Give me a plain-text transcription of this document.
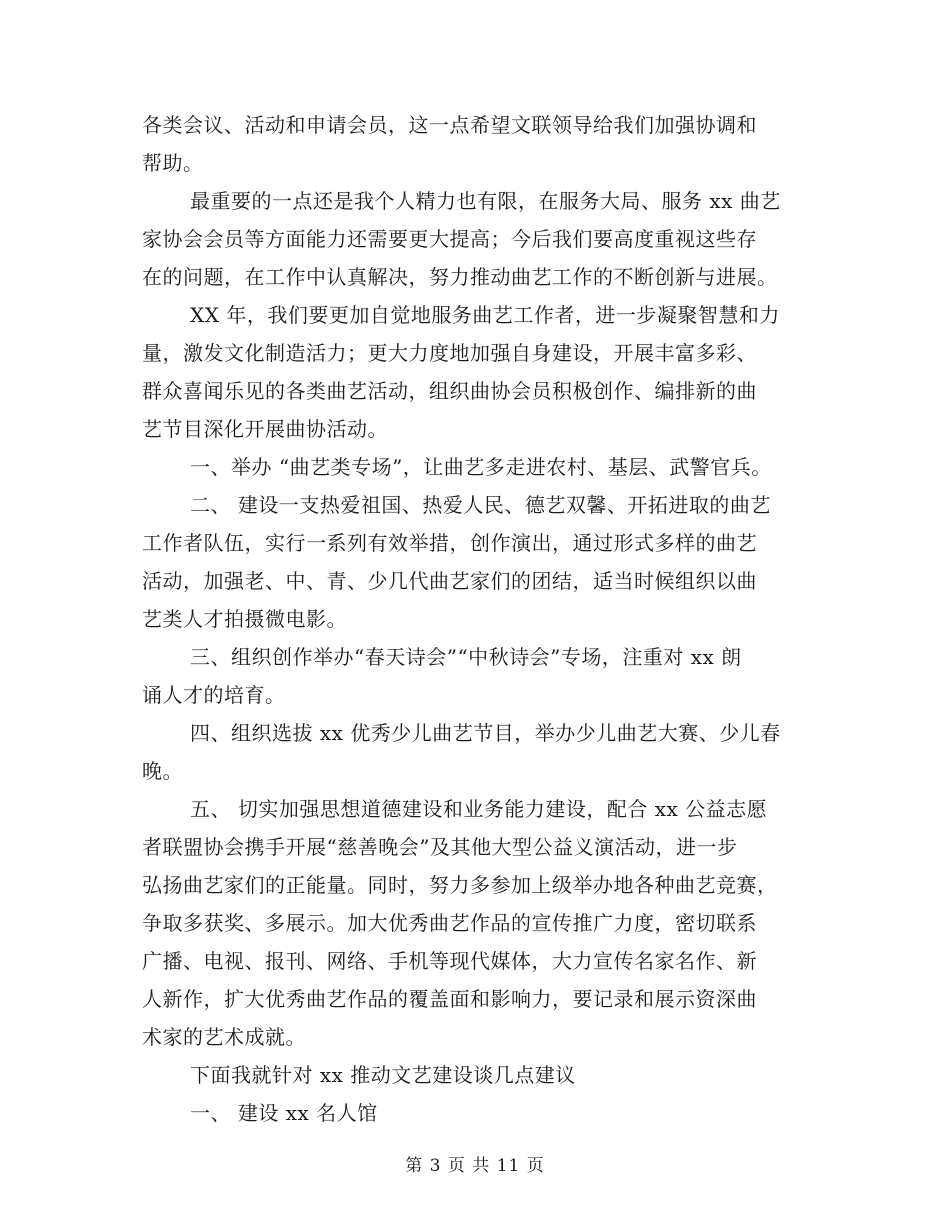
各类会议、活动和申请会员，这一点希望文联领导给我们加强协调和
帮助。
最重要的一点还是我个人精力也有限，在服务大局、服务 xx 曲艺
家协会会员等方面能力还需要更大提高；今后我们要高度重视这些存
在的问题，在工作中认真解决，努力推动曲艺工作的不断创新与进展。
XX 年，我们要更加自觉地服务曲艺工作者，进一步凝聚智慧和力
量，激发文化制造活力；更大力度地加强自身建设，开展丰富多彩、
群众喜闻乐见的各类曲艺活动，组织曲协会员积极创作、编排新的曲
艺节目深化开展曲协活动。
一、举办 “曲艺类专场”，让曲艺多走进农村、基层、武警官兵。
二、 建设一支热爱祖国、热爱人民、德艺双馨、开拓进取的曲艺
工作者队伍，实行一系列有效举措，创作演出，通过形式多样的曲艺
活动，加强老、中、青、少几代曲艺家们的团结，适当时候组织以曲
艺类人才拍摄微电影。
三、组织创作举办“春天诗会”“中秋诗会”专场，注重对 xx 朗
诵人才的培育。
四、组织选拔 xx 优秀少儿曲艺节目，举办少儿曲艺大赛、少儿春
晚。
五、 切实加强思想道德建设和业务能力建设，配合 xx 公益志愿
者联盟协会携手开展“慈善晚会”及其他大型公益义演活动，进一步
弘扬曲艺家们的正能量。同时，努力多参加上级举办地各种曲艺竞赛，
争取多获奖、多展示。加大优秀曲艺作品的宣传推广力度，密切联系
广播、电视、报刊、网络、手机等现代媒体，大力宣传名家名作、新
人新作，扩大优秀曲艺作品的覆盖面和影响力，要记录和展示资深曲
术家的艺术成就。
下面我就针对 xx 推动文艺建设谈几点建议
一、 建设 xx 名人馆
第 3 页 共 11 页
